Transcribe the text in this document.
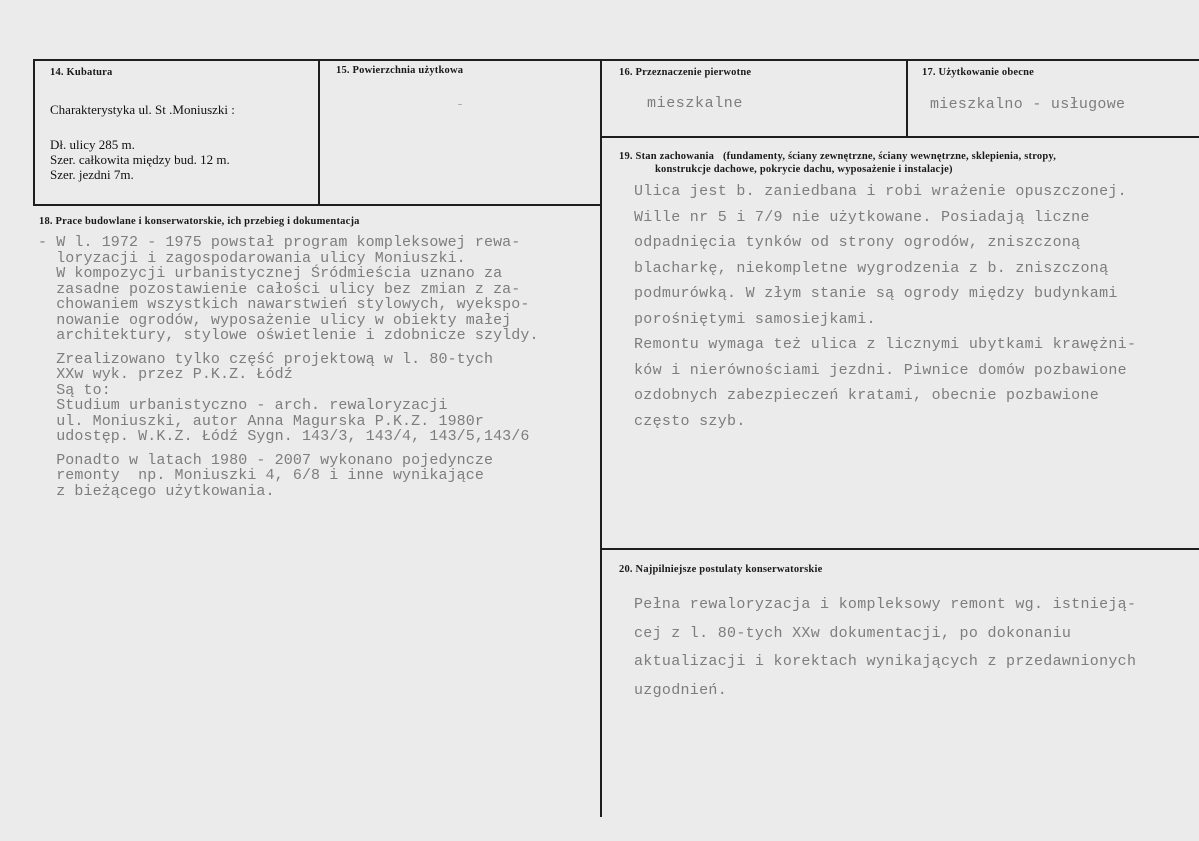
14. Kubatura
Charakterystyka ul. St .Moniuszki :
Dł. ulicy 285 m.
Szer. całkowita między bud. 12 m.
Szer. jezdni 7m.
15. Powierzchnia użytkowa
-
16. Przeznaczenie pierwotne
mieszkalne
17. Użytkowanie obecne
mieszkalno - usługowe
18. Prace budowlane i konserwatorskie, ich przebieg i dokumentacja

- W l. 1972 - 1975 powstał program kompleksowej rewa-

loryzacji i zagospodarowania ulicy Moniuszki.

W kompozycji urbanistycznej Śródmieścia uznano za

zasadne pozostawienie całości ulicy bez zmian z za-

chowaniem wszystkich nawarstwień stylowych, wyekspo-

nowanie ogrodów, wyposażenie ulicy w obiekty małej

architektury, stylowe oświetlenie i zdobnicze szyldy.

Zrealizowano tylko część projektową w l. 80-tych

XXw wyk. przez P.K.Z. Łódź

Są to:

Studium urbanistyczno - arch. rewaloryzacji

ul. Moniuszki, autor Anna Magurska P.K.Z. 1980r

udostęp. W.K.Z. Łódź Sygn. 143/3, 143/4, 143/5,143/6

Ponadto w latach 1980 - 2007 wykonano pojedyncze

remonty  np. Moniuszki 4, 6/8 i inne wynikające

z bieżącego użytkowania.

19. Stan zachowania (fundamenty, ściany zewnętrzne, ściany wewnętrzne, sklepienia, stropy,
konstrukcje dachowe, pokrycie dachu, wyposażenie i instalacje)

Ulica jest b. zaniedbana i robi wrażenie opuszczonej.

Wille nr 5 i 7/9 nie użytkowane. Posiadają liczne

odpadnięcia tynków od strony ogrodów, zniszczoną

blacharkę, niekompletne wygrodzenia z b. zniszczoną

podmurówką. W złym stanie są ogrody między budynkami

porośniętymi samosiejkami.

Remontu wymaga też ulica z licznymi ubytkami krawężni-

ków i nierównościami jezdni. Piwnice domów pozbawione

ozdobnych zabezpieczeń kratami, obecnie pozbawione

często szyb.

20. Najpilniejsze postulaty konserwatorskie

Pełna rewaloryzacja i kompleksowy remont wg. istnieją-

cej z l. 80-tych XXw dokumentacji, po dokonaniu

aktualizacji i korektach wynikających z przedawnionych

uzgodnień.
